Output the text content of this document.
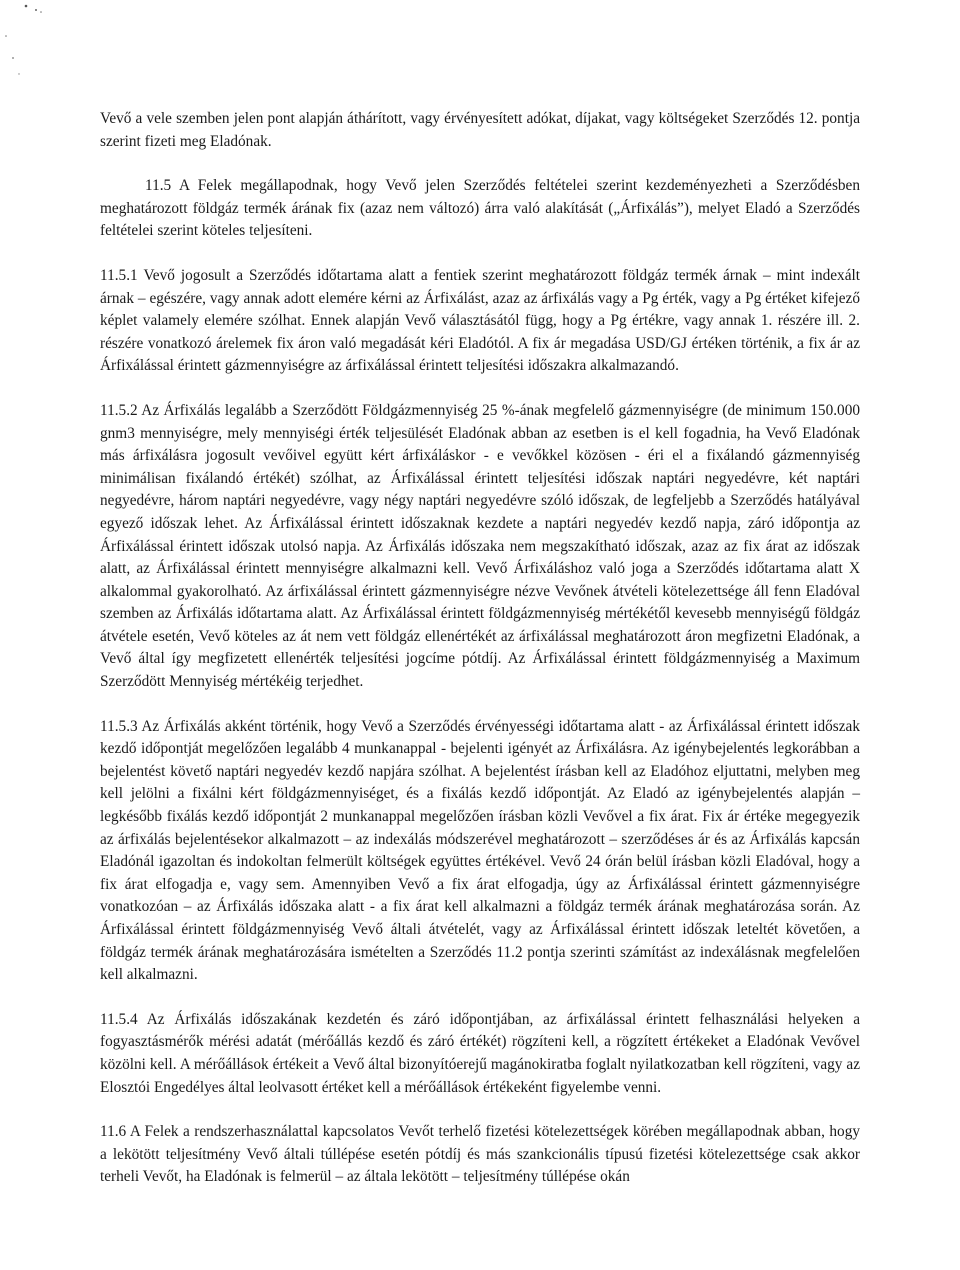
Vevő a vele szemben jelen pont alapján áthárított, vagy érvényesített adókat, díjakat, vagy költségeket Szerződés 12. pontja szerint fizeti meg Eladónak.

11.5 A Felek megállapodnak, hogy Vevő jelen Szerződés feltételei szerint kezdeményezheti a Szerződésben meghatározott földgáz termék árának fix (azaz nem változó) árra való alakítását („Árfixálás”), melyet Eladó a Szerződés feltételei szerint köteles teljesíteni.

11.5.1 Vevő jogosult a Szerződés időtartama alatt a fentiek szerint meghatározott földgáz termék árnak – mint indexált árnak – egészére, vagy annak adott elemére kérni az Árfixálást, azaz az árfixálás vagy a Pg érték, vagy a Pg értéket kifejező képlet valamely elemére szólhat. Ennek alapján Vevő választásától függ, hogy a Pg értékre, vagy annak 1. részére ill. 2. részére vonatkozó árelemek fix áron való megadását kéri Eladótól. A fix ár megadása USD/GJ értéken történik, a fix ár az Árfixálással érintett gázmennyiségre az árfixálással érintett teljesítési időszakra alkalmazandó.

11.5.2 Az Árfixálás legalább a Szerződött Földgázmennyiség 25 %-ának megfelelő gázmennyiségre (de minimum 150.000 gnm3 mennyiségre, mely mennyiségi érték teljesülését Eladónak abban az esetben is el kell fogadnia, ha Vevő Eladónak más árfixálásra jogosult vevőivel együtt kért árfixáláskor - e vevőkkel közösen - éri el a fixálandó gázmennyiség minimálisan fixálandó értékét) szólhat, az Árfixálással érintett teljesítési időszak naptári negyedévre, két naptári negyedévre, három naptári negyedévre, vagy négy naptári negyedévre szóló időszak, de legfeljebb a Szerződés hatályával egyező időszak lehet. Az Árfixálással érintett időszaknak kezdete a naptári negyedév kezdő napja, záró időpontja az Árfixálással érintett időszak utolsó napja. Az Árfixálás időszaka nem megszakítható időszak, azaz az fix árat az időszak alatt, az Árfixálással érintett mennyiségre alkalmazni kell. Vevő Árfixáláshoz való joga a Szerződés időtartama alatt X alkalommal gyakorolható. Az árfixálással érintett gázmennyiségre nézve Vevőnek átvételi kötelezettsége áll fenn Eladóval szemben az Árfixálás időtartama alatt. Az Árfixálással érintett földgázmennyiség mértékétől kevesebb mennyiségű földgáz átvétele esetén, Vevő köteles az át nem vett földgáz ellenértékét az árfixálással meghatározott áron megfizetni Eladónak, a Vevő által így megfizetett ellenérték teljesítési jogcíme pótdíj. Az Árfixálással érintett földgázmennyiség a Maximum Szerződött Mennyiség mértékéig terjedhet.

11.5.3 Az Árfixálás akként történik, hogy Vevő a Szerződés érvényességi időtartama alatt - az Árfixálással érintett időszak kezdő időpontját megelőzően legalább 4 munkanappal - bejelenti igényét az Árfixálásra. Az igénybejelentés legkorábban a bejelentést követő naptári negyedév kezdő napjára szólhat. A bejelentést írásban kell az Eladóhoz eljuttatni, melyben meg kell jelölni a fixálni kért földgázmennyiséget, és a fixálás kezdő időpontját. Az Eladó az igénybejelentés alapján – legkésőbb fixálás kezdő időpontját 2 munkanappal megelőzően írásban közli Vevővel a fix árat. Fix ár értéke megegyezik az árfixálás bejelentésekor alkalmazott – az indexálás módszerével meghatározott – szerződéses ár és az Árfixálás kapcsán Eladónál igazoltan és indokoltan felmerült költségek együttes értékével. Vevő 24 órán belül írásban közli Eladóval, hogy a fix árat elfogadja e, vagy sem. Amennyiben Vevő a fix árat elfogadja, úgy az Árfixálással érintett gázmennyiségre vonatkozóan – az Árfixálás időszaka alatt - a fix árat kell alkalmazni a földgáz termék árának meghatározása során. Az Árfixálással érintett földgázmennyiség Vevő általi átvételét, vagy az Árfixálással érintett időszak leteltét követően, a földgáz termék árának meghatározására ismételten a Szerződés 11.2 pontja szerinti számítást az indexálásnak megfelelően kell alkalmazni.

11.5.4 Az Árfixálás időszakának kezdetén és záró időpontjában, az árfixálással érintett felhasználási helyeken a fogyasztásmérők mérési adatát (mérőállás kezdő és záró értékét) rögzíteni kell, a rögzített értékeket a Eladónak Vevővel közölni kell. A mérőállások értékeit a Vevő által bizonyítóerejű magánokiratba foglalt nyilatkozatban kell rögzíteni, vagy az Elosztói Engedélyes által leolvasott értéket kell a mérőállások értékeként figyelembe venni.

11.6 A Felek a rendszerhasználattal kapcsolatos Vevőt terhelő fizetési kötelezettségek körében megállapodnak abban, hogy a lekötött teljesítmény Vevő általi túllépése esetén pótdíj és más szankcionális típusú fizetési kötelezettsége csak akkor terheli Vevőt, ha Eladónak is felmerül – az általa lekötött – teljesítmény túllépése okán
